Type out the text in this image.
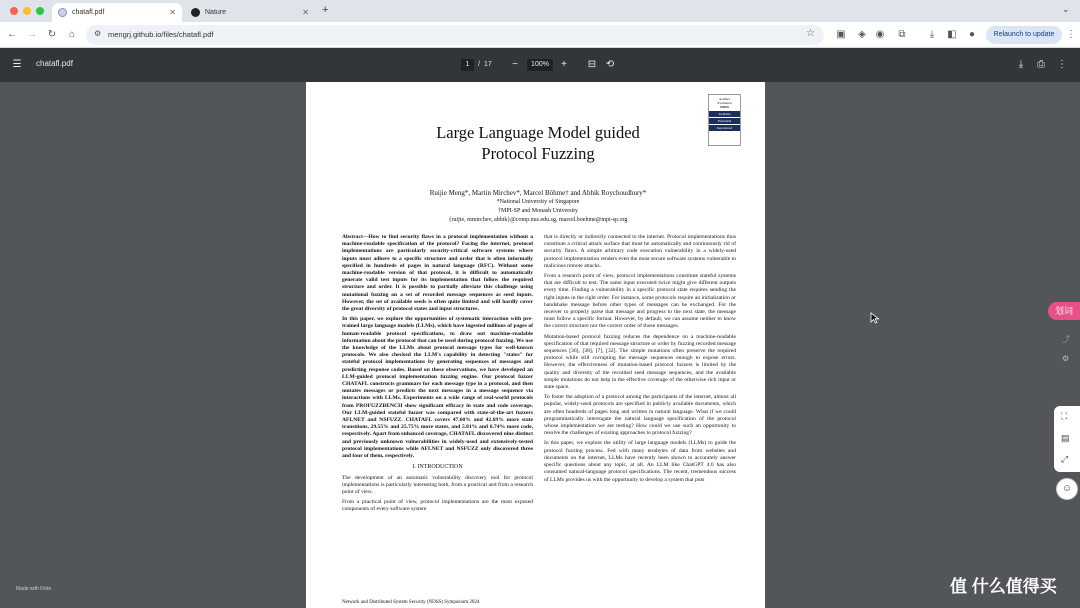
chatafl.pdf	✕	Nature	✕ +	⌄
← → ↻	⌂	⚙ mengrj.github.io/files/chatafl.pdf	☆ ▣	◈ ◉	⧉	⤓	◧	●	Relaunch to update	⋮
☰	chatafl.pdf	1	/ 17	−	100%	+	⊟ ⟲	⤓	⎙	⋮
Artifact
Evaluated
NDSS
Available
Functional
Reproduced
Large Language Model guided
Protocol Fuzzing
Ruijie Meng*, Martin Mirchev*, Marcel Böhme† and Abhik Roychoudhury*
*National University of Singapore
†MPI-SP and Monash University
{ruijie, mmirchev, abhik}@comp.nus.edu.sg, marcel.boehme@mpi-sp.org

Abstract—How to find security flaws in a protocol implementation without a machine-readable specification of the protocol? Facing the internet, protocol implementations are particularly security-critical software systems where inputs must adhere to a specific structure and order that is often informally specified in hundreds of pages in natural language (RFC). Without some machine-readable version of that protocol, it is difficult to automatically generate valid test inputs for its implementation that follow the required structure and order. It is possible to partially alleviate this challenge using mutational fuzzing on a set of recorded message sequences as seed inputs. However, the set of available seeds is often quite limited and will hardly cover the great diversity of protocol states and input structures.

In this paper, we explore the opportunities of systematic interaction with pre-trained large language models (LLMs), which have ingested millions of pages of human-readable protocol specifications, to draw out machine-readable information about the protocol that can be used during protocol fuzzing. We use the knowledge of the LLMs about protocol message types for well-known protocols. We also checked the LLM's capability in detecting "states" for stateful protocol implementations by generating sequences of messages and predicting response codes. Based on these observations, we have developed an LLM-guided protocol implementation fuzzing engine. Our protocol fuzzer CHATAFL constructs grammars for each message type in a protocol, and then mutates messages or predicts the next messages in a message sequence via interactions with LLMs. Experiments on a wide range of real-world protocols from PROFUZZBENCH show significant efficacy in state and code coverage. Our LLM-guided stateful fuzzer was compared with state-of-the-art fuzzers AFLNET and NSFUZZ. CHATAFL covers 47.60% and 42.69% more state transitions, 29.55% and 25.75% more states, and 5.81% and 6.74% more code, respectively. Apart from enhanced coverage, CHATAFL discovered nine distinct and previously unknown vulnerabilities in widely-used and extensively-tested protocol implementations while AFLNET and NSFUZZ only discovered three and four of them, respectively.

I. INTRODUCTION

The development of an automatic vulnerability discovery tool for protocol implementations is particularly interesting both, from a practical and from a research point of view.

From a practical point of view, protocol implementations are the most exposed components of every software system

that is directly or indirectly connected to the internet. Protocol implementations thus constitute a critical attack surface that must be automatically and continuously rid of security flaws. A simple arbitrary code execution vulnerability in a widely-used protocol implementation renders even the most secure software systems vulnerable to malicious remote attacks.

From a research point of view, protocol implementations constitute stateful systems that are difficult to test. The same input executed twice might give different outputs every time. Finding a vulnerability in a specific protocol state requires sending the right inputs in the right order. For instance, some protocols require an initialization or handshake message before other types of messages can be exchanged. For the receiver to properly parse that message and progress to the next state, the message must follow a specific format. However, by default, we can assume neither to know the correct structure nor the correct order of those messages.

Mutation-based protocol fuzzing reduces the dependence on a machine-readable specification of that required message structure or order by fuzzing recorded message sequences [36], [38], [7], [32]. The simple mutations often preserve the required protocol while still corrupting the message sequences enough to expose errors. However, the effectiveness of mutation-based protocol fuzzers is limited by the quality and diversity of the recorded seed message sequences, and the available simple mutations do not help in the effective coverage of the otherwise rich input or state space.

To foster the adoption of a protocol among the participants of the internet, almost all popular, widely-used protocols are specified in publicly available documents, which are often hundreds of pages long and written in natural language. What if we could programmatically interrogate the natural language specification of the protocol whose implementation we are testing? How could we use such an opportunity to resolve the challenges of existing approaches to protocol fuzzing?

In this paper, we explore the utility of large language models (LLMs) to guide the protocol fuzzing process. Fed with many terabytes of data from websites and documents on the internet, LLMs have recently been shown to accurately answer specific questions about any topic, at all. An LLM like ChatGPT 4.0 has also consumed natural-language protocol specifications. The recent, tremendous success of LLMs provides us with the opportunity to develop a system that puts

Network and Distributed System Security (NDSS) Symposium 2024
划词
⤴
⚙
⛶
▤
⤢
☺
Made with iVote	值 什么值得买
